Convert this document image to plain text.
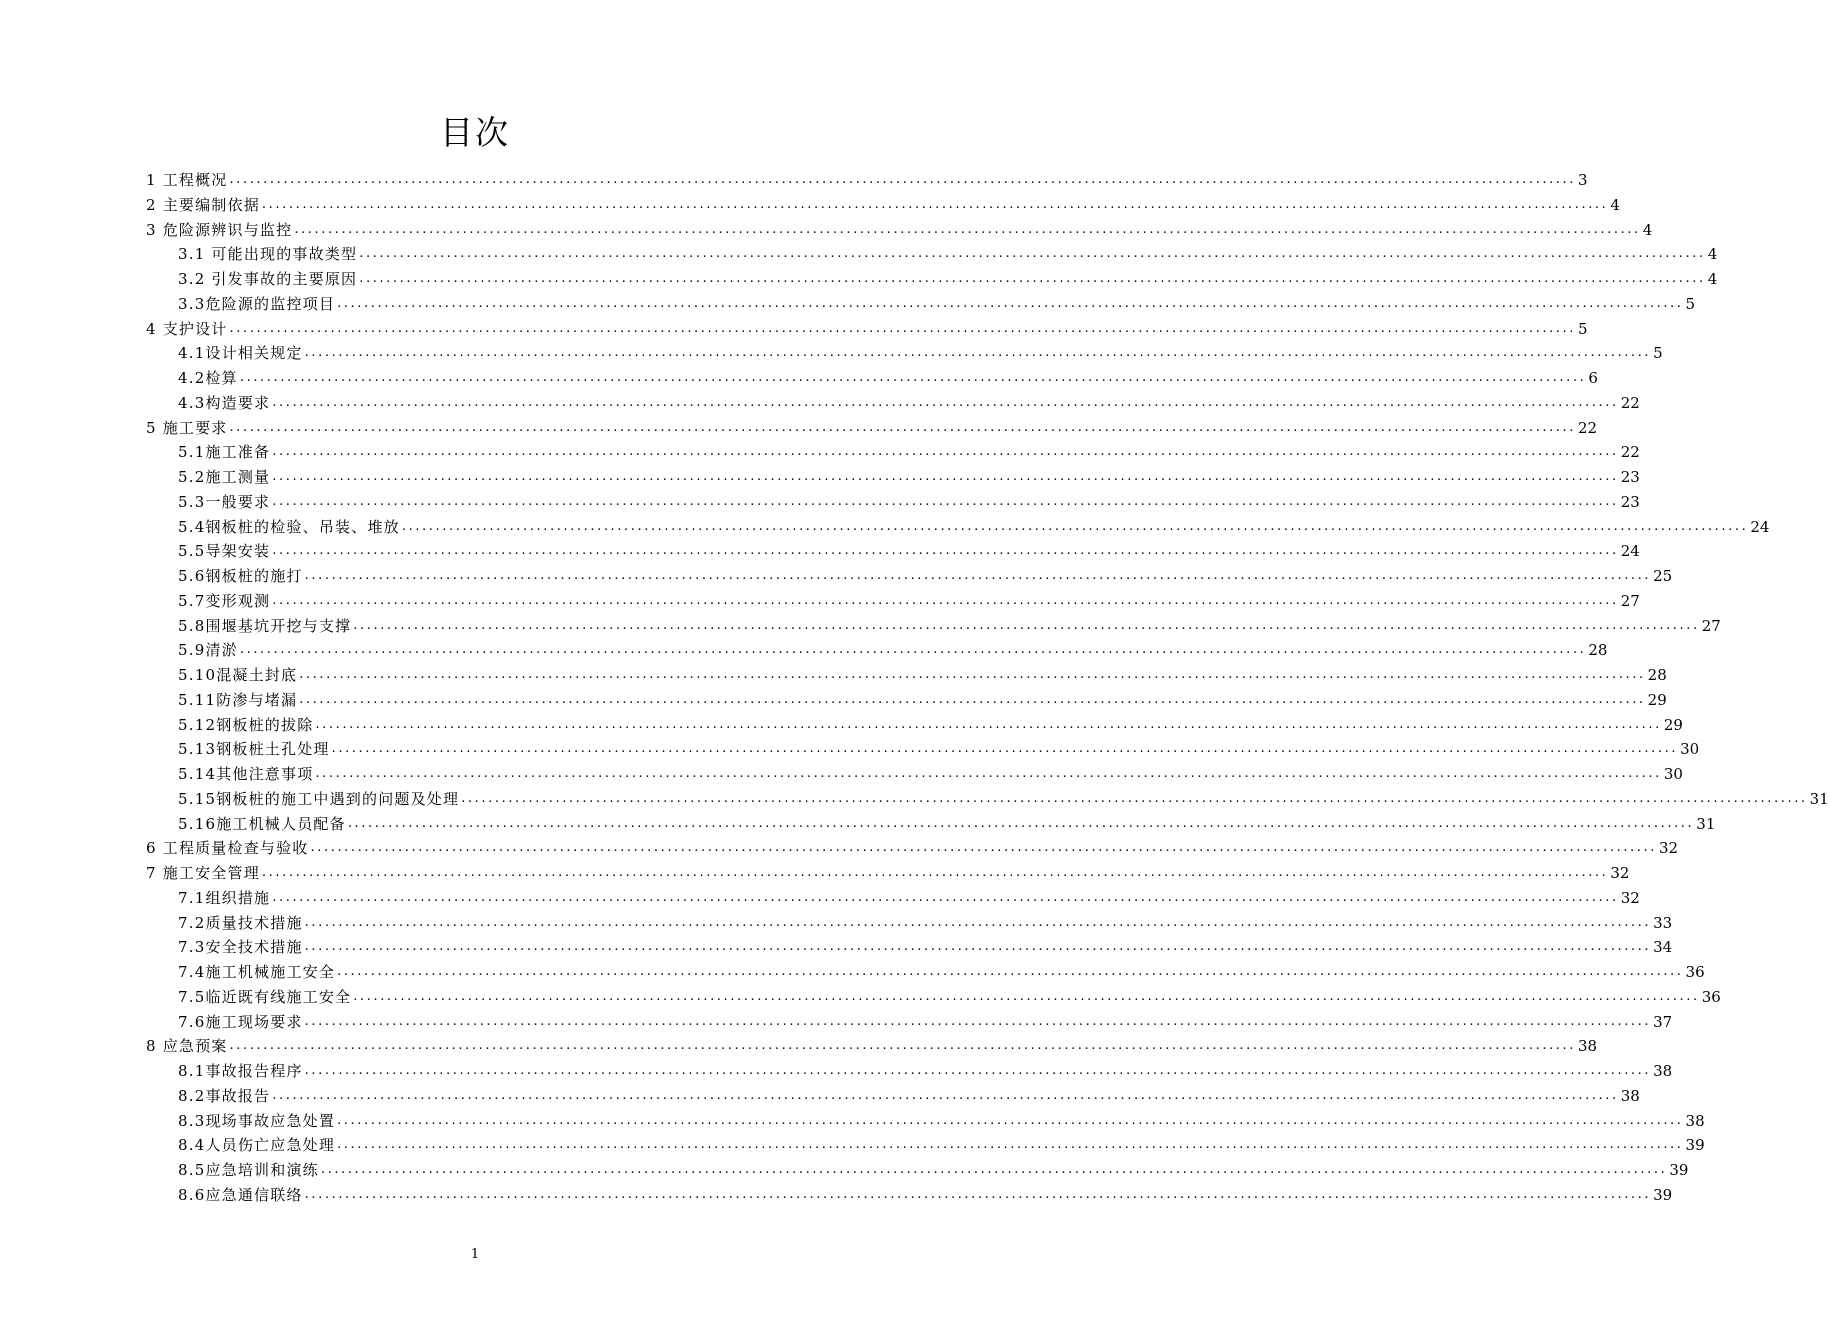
目次
1 工程概况 ........................................................................................................................................................................................................ 3
2 主要编制依据 ........................................................................................................................................................................................................ 4
3 危险源辨识与监控 ........................................................................................................................................................................................................ 4
3.1 可能出现的事故类型 ........................................................................................................................................................................................................ 4
3.2 引发事故的主要原因 ........................................................................................................................................................................................................ 4
3.3危险源的监控项目 ........................................................................................................................................................................................................ 5
4 支护设计 ........................................................................................................................................................................................................ 5
4.1设计相关规定 ........................................................................................................................................................................................................ 5
4.2检算 ........................................................................................................................................................................................................ 6
4.3构造要求 ........................................................................................................................................................................................................ 22
5 施工要求 ........................................................................................................................................................................................................ 22
5.1施工准备 ........................................................................................................................................................................................................ 22
5.2施工测量 ........................................................................................................................................................................................................ 23
5.3一般要求 ........................................................................................................................................................................................................ 23
5.4钢板桩的检验、吊装、堆放 ........................................................................................................................................................................................................ 24
5.5导架安装 ........................................................................................................................................................................................................ 24
5.6钢板桩的施打 ........................................................................................................................................................................................................ 25
5.7变形观测 ........................................................................................................................................................................................................ 27
5.8围堰基坑开挖与支撑 ........................................................................................................................................................................................................ 27
5.9清淤 ........................................................................................................................................................................................................ 28
5.10混凝土封底 ........................................................................................................................................................................................................ 28
5.11防渗与堵漏 ........................................................................................................................................................................................................ 29
5.12钢板桩的拔除 ........................................................................................................................................................................................................ 29
5.13钢板桩土孔处理 ........................................................................................................................................................................................................ 30
5.14其他注意事项 ........................................................................................................................................................................................................ 30
5.15钢板桩的施工中遇到的问题及处理 ........................................................................................................................................................................................................ 31
5.16施工机械人员配备 ........................................................................................................................................................................................................ 31
6 工程质量检查与验收 ........................................................................................................................................................................................................ 32
7 施工安全管理 ........................................................................................................................................................................................................ 32
7.1组织措施 ........................................................................................................................................................................................................ 32
7.2质量技术措施 ........................................................................................................................................................................................................ 33
7.3安全技术措施 ........................................................................................................................................................................................................ 34
7.4施工机械施工安全 ........................................................................................................................................................................................................ 36
7.5临近既有线施工安全 ........................................................................................................................................................................................................ 36
7.6施工现场要求 ........................................................................................................................................................................................................ 37
8 应急预案 ........................................................................................................................................................................................................ 38
8.1事故报告程序 ........................................................................................................................................................................................................ 38
8.2事故报告 ........................................................................................................................................................................................................ 38
8.3现场事故应急处置 ........................................................................................................................................................................................................ 38
8.4人员伤亡应急处理 ........................................................................................................................................................................................................ 39
8.5应急培训和演练 ........................................................................................................................................................................................................ 39
8.6应急通信联络 ........................................................................................................................................................................................................ 39
1
